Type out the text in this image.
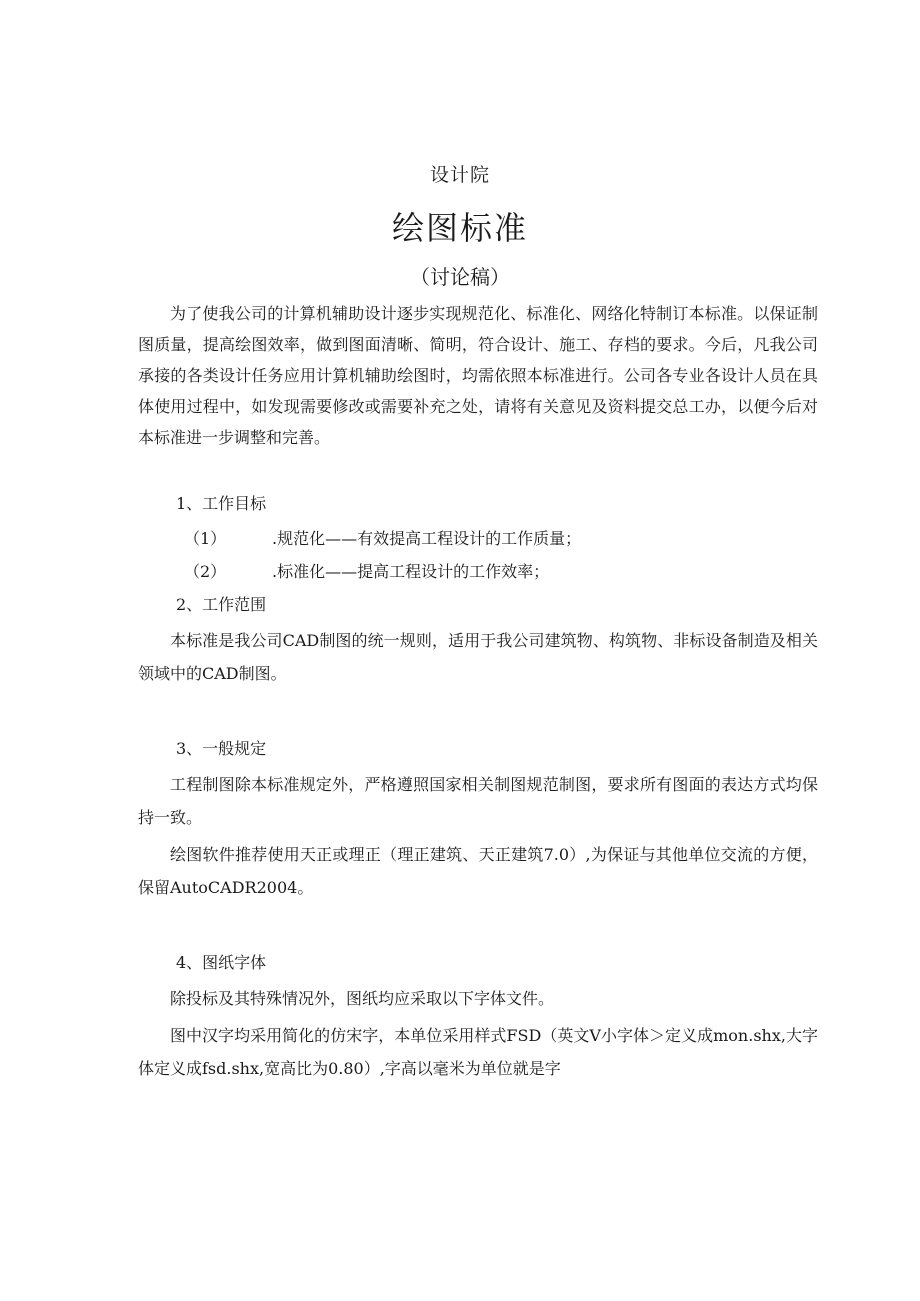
设计院
绘图标准
（讨论稿）

为了使我公司的计算机辅助设计逐步实现规范化、标准化、网络化特制订本标准。以保证制图质量，提高绘图效率，做到图面清晰、简明，符合设计、施工、存档的要求。今后，凡我公司承接的各类设计任务应用计算机辅助绘图时，均需依照本标准进行。公司各专业各设计人员在具体使用过程中，如发现需要修改或需要补充之处，请将有关意见及资料提交总工办，以便今后对本标准进一步调整和完善。

1、工作目标

（1）	.规范化——有效提高工程设计的工作质量；

（2）	.标准化——提高工程设计的工作效率；

2、工作范围

本标准是我公司CAD制图的统一规则，适用于我公司建筑物、构筑物、非标设备制造及相关领域中的CAD制图。

3、一般规定

工程制图除本标准规定外，严格遵照国家相关制图规范制图，要求所有图面的表达方式均保持一致。

绘图软件推荐使用天正或理正（理正建筑、天正建筑7.0）,为保证与其他单位交流的方便，保留AutoCADR2004。

4、图纸字体

除投标及其特殊情况外，图纸均应采取以下字体文件。

图中汉字均采用简化的仿宋字，本单位采用样式FSD（英文V小字体＞定义成mon.shx,大字体定义成fsd.shx,宽高比为0.80）,字高以毫米为单位就是字
